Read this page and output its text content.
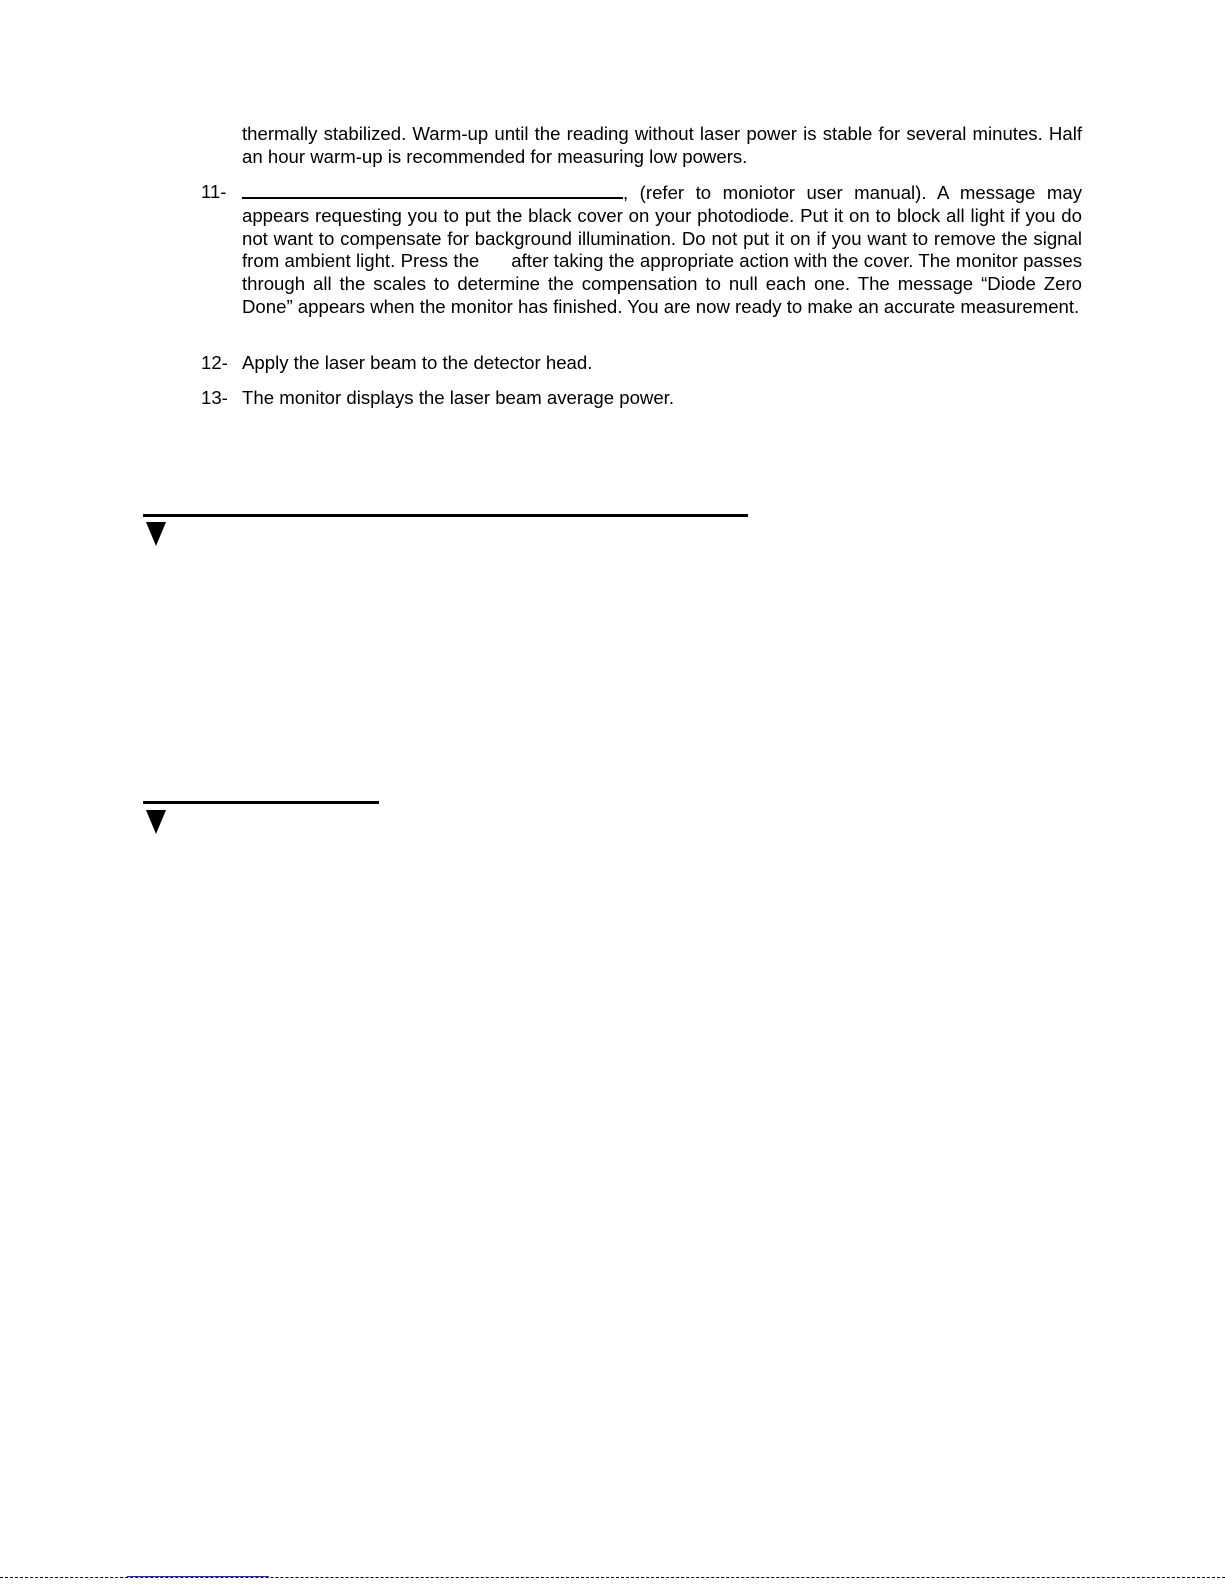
thermally stabilized. Warm-up until the reading without laser power is stable for several minutes. Half an hour warm-up is recommended for measuring low powers.
11-	, (refer to moniotor user manual). A message may appears requesting you to put the black cover on your photodiode. Put it on to block all light if you do not want to compensate for background illumination. Do not put it on if you want to remove the signal from ambient light. Press the after taking the appropriate action with the cover. The monitor passes through all the scales to determine the compensation to null each one. The message “Diode Zero Done” appears when the monitor has finished. You are now ready to make an accurate measurement.
12- Apply the laser beam to the detector head.
13- The monitor displays the laser beam average power.
